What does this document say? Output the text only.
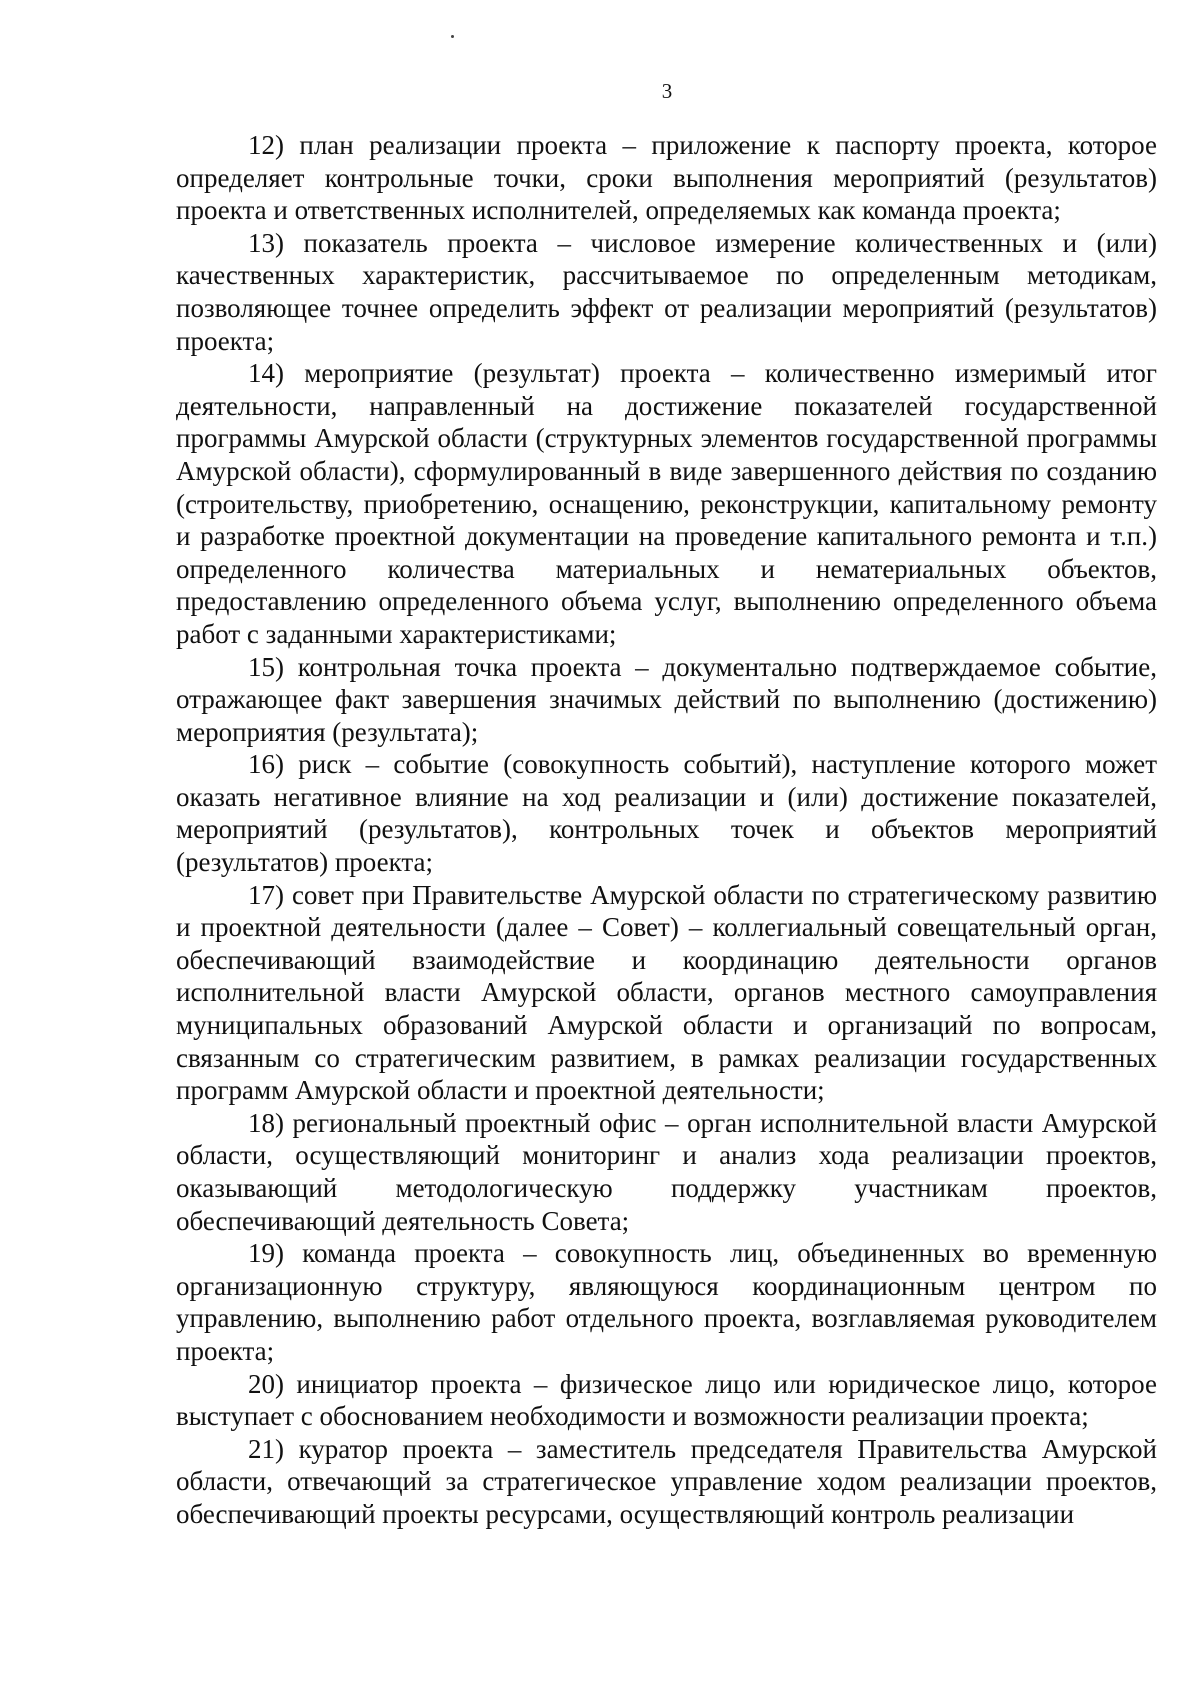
3

12) план реализации проекта – приложение к паспорту проекта, которое определяет контрольные точки, сроки выполнения мероприятий (результатов) проекта и ответственных исполнителей, определяемых как команда проекта;

13) показатель проекта – числовое измерение количественных и (или) качественных характеристик, рассчитываемое по определенным методикам, позволяющее точнее определить эффект от реализации мероприятий (результатов) проекта;

14) мероприятие (результат) проекта – количественно измеримый итог деятельности, направленный на достижение показателей государственной программы Амурской области (структурных элементов государственной программы Амурской области), сформулированный в виде завершенного действия по созданию (строительству, приобретению, оснащению, реконструкции, капитальному ремонту и разработке проектной документации на проведение капитального ремонта и т.п.) определенного количества материальных и нематериальных объектов, предоставлению определенного объема услуг, выполнению определенного объема работ с заданными характеристиками;

15) контрольная точка проекта – документально подтверждаемое событие, отражающее факт завершения значимых действий по выполнению (достижению) мероприятия (результата);

16) риск – событие (совокупность событий), наступление которого может оказать негативное влияние на ход реализации и (или) достижение показателей, мероприятий (результатов), контрольных точек и объектов мероприятий (результатов) проекта;

17) совет при Правительстве Амурской области по стратегическому развитию и проектной деятельности (далее – Совет) – коллегиальный совещательный орган, обеспечивающий взаимодействие и координацию деятельности органов исполнительной власти Амурской области, органов местного самоуправления муниципальных образований Амурской области и организаций по вопросам, связанным со стратегическим развитием, в рамках реализации государственных программ Амурской области и проектной деятельности;

18) региональный проектный офис – орган исполнительной власти Амурской области, осуществляющий мониторинг и анализ хода реализации проектов, оказывающий методологическую поддержку участникам проектов, обеспечивающий деятельность Совета;

19) команда проекта – совокупность лиц, объединенных во временную организационную структуру, являющуюся координационным центром по управлению, выполнению работ отдельного проекта, возглавляемая руководителем проекта;

20) инициатор проекта – физическое лицо или юридическое лицо, которое выступает с обоснованием необходимости и возможности реализации проекта;

21) куратор проекта – заместитель председателя Правительства Амурской области, отвечающий за стратегическое управление ходом реализации проектов, обеспечивающий проекты ресурсами, осуществляющий контроль реализации
